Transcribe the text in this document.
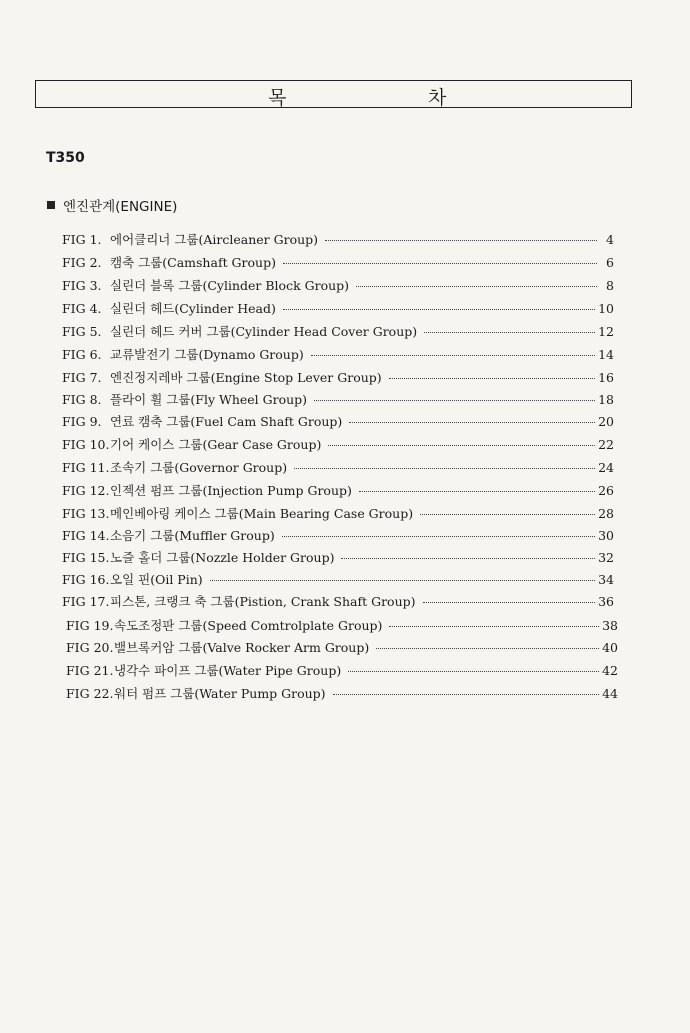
목	차
T350
엔진관계(ENGINE)
FIG 1. 에어클리너 그룹(Aircleaner Group)	4
FIG 2. 캠축 그룹(Camshaft Group)	6
FIG 3. 실린더 블록 그룹(Cylinder Block Group)	8
FIG 4. 실린더 헤드(Cylinder Head)	10
FIG 5. 실린더 헤드 커버 그룹(Cylinder Head Cover Group)	12
FIG 6. 교류발전기 그룹(Dynamo Group)	14
FIG 7. 엔진정지레바 그룹(Engine Stop Lever Group)	16
FIG 8. 플라이 휠 그룹(Fly Wheel Group)	18
FIG 9. 연료 캠축 그룹(Fuel Cam Shaft Group)	20
FIG 10. 기어 케이스 그룹(Gear Case Group)	22
FIG 11. 조속기 그룹(Governor Group)	24
FIG 12. 인젝션 펌프 그룹(Injection Pump Group)	26
FIG 13. 메인베아링 케이스 그룹(Main Bearing Case Group)	28
FIG 14. 소음기 그룹(Muffler Group)	30
FIG 15. 노즐 홀더 그룹(Nozzle Holder Group)	32
FIG 16. 오일 핀(Oil Pin)	34
FIG 17. 피스톤, 크랭크 축 그룹(Pistion, Crank Shaft Group)	36
FIG 19. 속도조정판 그룹(Speed Comtrolplate Group)	38
FIG 20. 밸브록커암 그룹(Valve Rocker Arm Group)	40
FIG 21. 냉각수 파이프 그룹(Water Pipe Group)	42
FIG 22. 워터 펌프 그룹(Water Pump Group)	44
